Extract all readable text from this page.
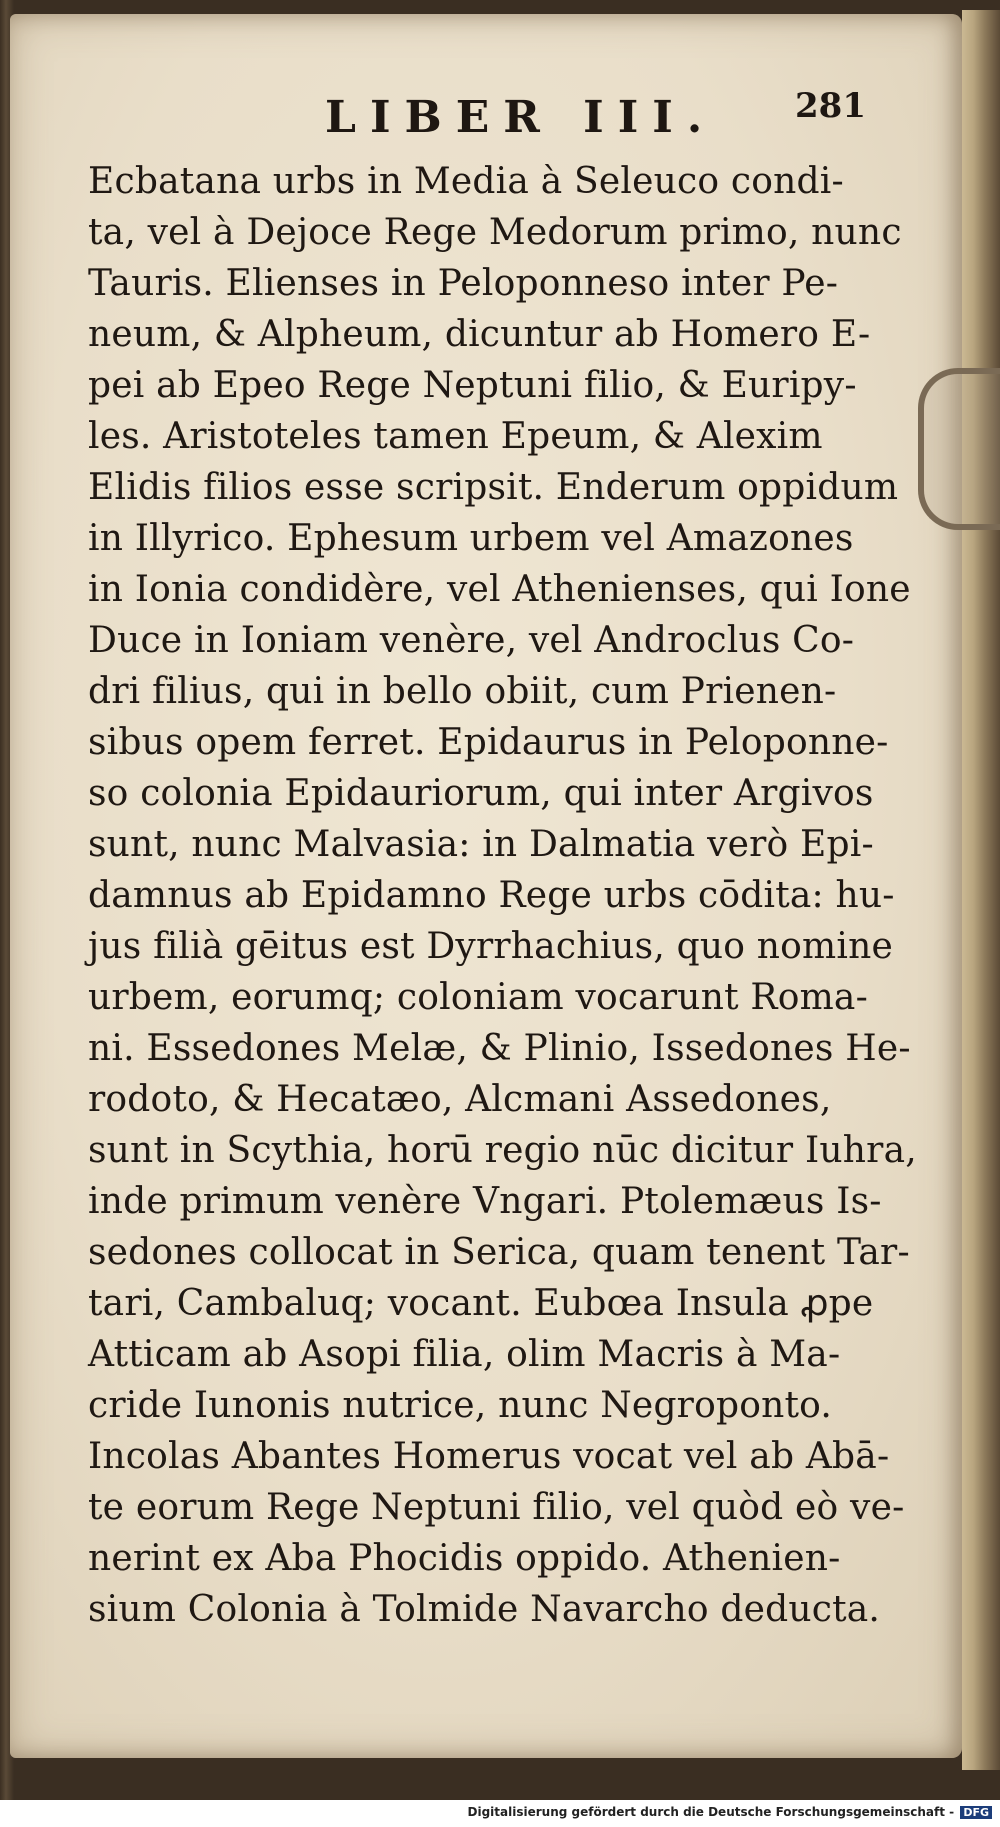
LIBER III. 281
Ecbatana urbs in Media à Seleuco condi-
ta, vel à Dejoce Rege Medorum primo, nunc
Tauris. Elienses in Peloponneso inter Pe-
neum, & Alpheum, dicuntur ab Homero E-
pei ab Epeo Rege Neptuni filio, & Euripy-
les. Aristoteles tamen Epeum, & Alexim
Elidis filios esse scripsit. Enderum oppidum
in Illyrico. Ephesum urbem vel Amazones
in Ionia condidère, vel Athenienses, qui Ione
Duce in Ioniam venère, vel Androclus Co-
dri filius, qui in bello obiit, cum Prienen-
sibus opem ferret. Epidaurus in Peloponne-
so colonia Epidauriorum, qui inter Argivos
sunt, nunc Malvasia: in Dalmatia verò Epi-
damnus ab Epidamno Rege urbs cōdita: hu-
jus filià gēitus est Dyrrhachius, quo nomine
urbem, eorumq; coloniam vocarunt Roma-
ni. Essedones Melæ, & Plinio, Issedones He-
rodoto, & Hecatæo, Alcmani Assedones,
sunt in Scythia, horū regio nūc dicitur Iuhra,
inde primum venère Vngari. Ptolemæus Is-
sedones collocat in Serica, quam tenent Tar-
tari, Cambaluq; vocant. Eubœa Insula ꝓpe
Atticam ab Asopi filia, olim Macris à Ma-
cride Iunonis nutrice, nunc Negroponto.
Incolas Abantes Homerus vocat vel ab Abā-
te eorum Rege Neptuni filio, vel quòd eò ve-
nerint ex Aba Phocidis oppido. Athenien-
sium Colonia à Tolmide Navarcho deducta.
Digitalisierung gefördert durch die Deutsche Forschungsgemeinschaft - DFG
